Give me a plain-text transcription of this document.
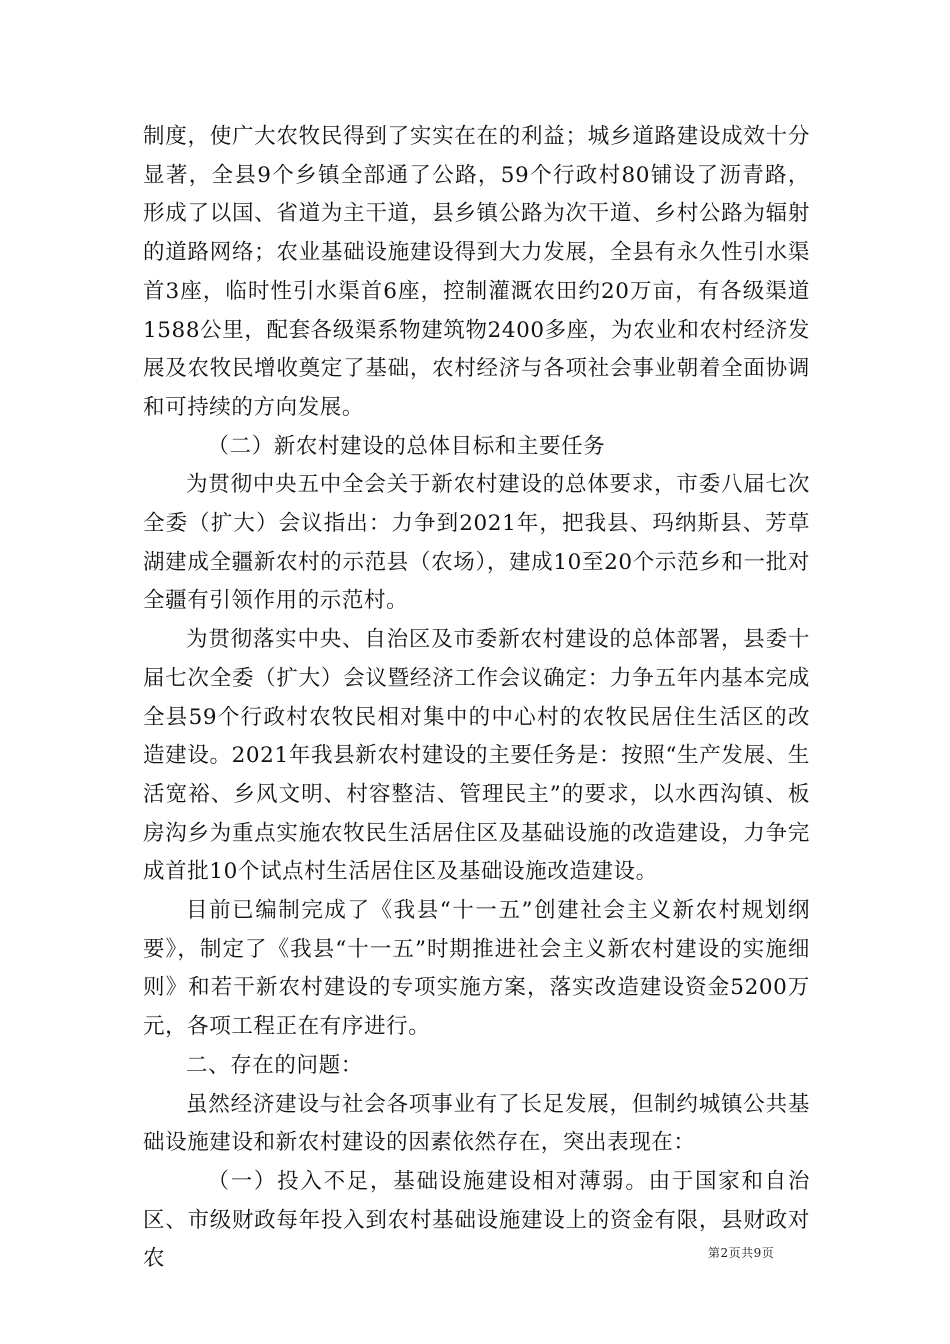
制度，使广大农牧民得到了实实在在的利益；城乡道路建设成效十分显著，全县9个乡镇全部通了公路，59个行政村80铺设了沥青路，形成了以国、省道为主干道，县乡镇公路为次干道、乡村公路为辐射的道路网络；农业基础设施建设得到大力发展，全县有永久性引水渠首3座，临时性引水渠首6座，控制灌溉农田约20万亩，有各级渠道1588公里，配套各级渠系物建筑物2400多座，为农业和农村经济发展及农牧民增收奠定了基础，农村经济与各项社会事业朝着全面协调和可持续的方向发展。

（二）新农村建设的总体目标和主要任务

为贯彻中央五中全会关于新农村建设的总体要求，市委八届七次全委（扩大）会议指出：力争到2021年，把我县、玛纳斯县、芳草湖建成全疆新农村的示范县（农场），建成10至20个示范乡和一批对全疆有引领作用的示范村。

为贯彻落实中央、自治区及市委新农村建设的总体部署，县委十届七次全委（扩大）会议暨经济工作会议确定：力争五年内基本完成全县59个行政村农牧民相对集中的中心村的农牧民居住生活区的改造建设。2021年我县新农村建设的主要任务是：按照“生产发展、生活宽裕、乡风文明、村容整洁、管理民主”的要求，以水西沟镇、板房沟乡为重点实施农牧民生活居住区及基础设施的改造建设，力争完成首批10个试点村生活居住区及基础设施改造建设。

目前已编制完成了《我县“十一五”创建社会主义新农村规划纲要》，制定了《我县“十一五”时期推进社会主义新农村建设的实施细则》和若干新农村建设的专项实施方案，落实改造建设资金5200万元，各项工程正在有序进行。

二、存在的问题：

虽然经济建设与社会各项事业有了长足发展，但制约城镇公共基础设施建设和新农村建设的因素依然存在，突出表现在：

（一）投入不足，基础设施建设相对薄弱。由于国家和自治区、市级财政每年投入到农村基础设施建设上的资金有限，县财政对农	第2页共9页
